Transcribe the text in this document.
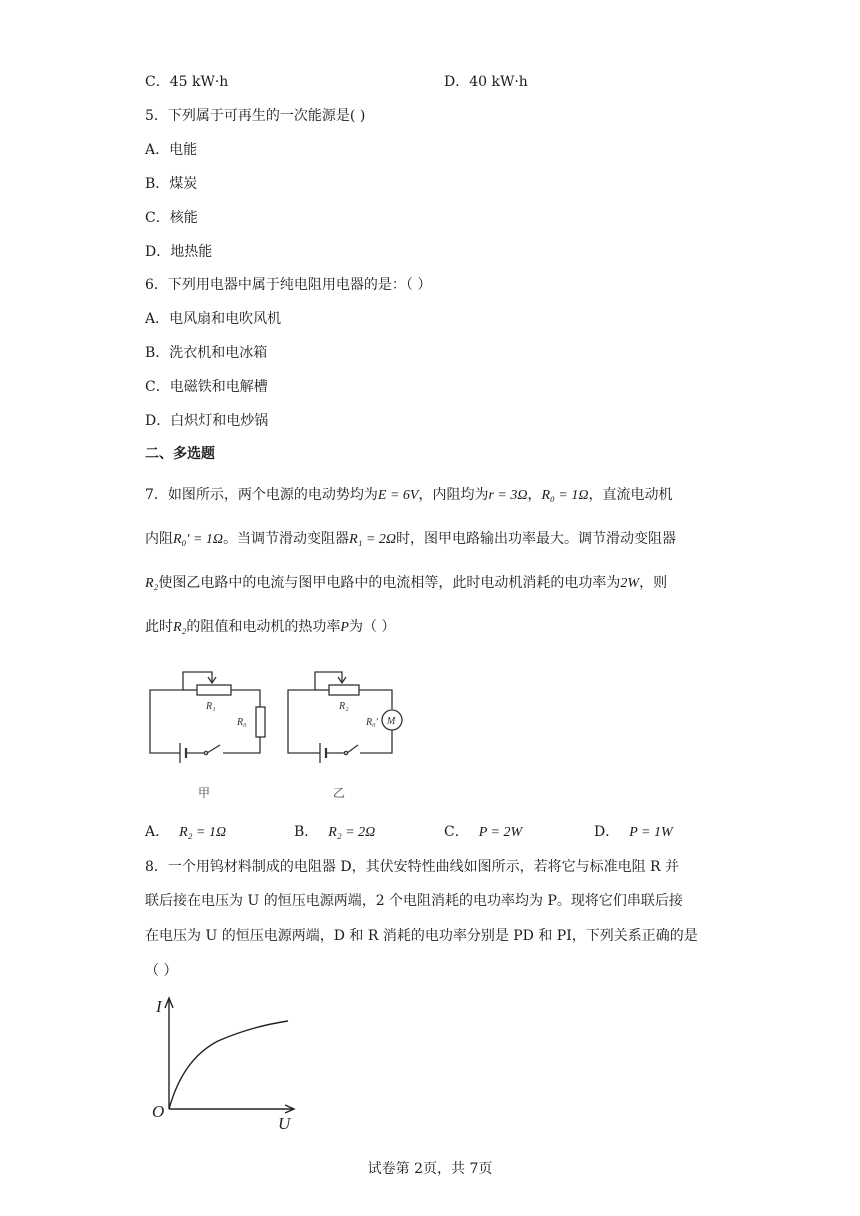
C．45 kW·h	D．40 kW·h
5．下列属于可再生的一次能源是( )
A．电能
B．煤炭
C．核能
D．地热能
6．下列用电器中属于纯电阻用电器的是：（ ）
A．电风扇和电吹风机
B．洗衣机和电冰箱
C．电磁铁和电解槽
D．白炽灯和电炒锅
二、多选题
7．如图所示，两个电源的电动势均为E = 6V，内阻均为r = 3Ω，R₀ = 1Ω，直流电动机
内阻R₀′ = 1Ω。当调节滑动变阻器R₁ = 2Ω时，图甲电路输出功率最大。调节滑动变阻器
R₂使图乙电路中的电流与图甲电路中的电流相等，此时电动机消耗的电功率为2W，则
此时R₂的阻值和电动机的热功率P为（ ）
R₁
R₀
R₂
R₀′ M
甲	乙
A． R₂ = 1Ω	B． R₂ = 2Ω	C． P = 2W	D． P = 1W
8．一个用钨材料制成的电阻器 D，其伏安特性曲线如图所示，若将它与标准电阻 R 并
联后接在电压为 U 的恒压电源两端，2 个电阻消耗的电功率均为 P。现将它们串联后接
在电压为 U 的恒压电源两端，D 和 R 消耗的电功率分别是 PD 和 PI，下列关系正确的是
（ ）
I
U
O
试卷第 2页，共 7页
